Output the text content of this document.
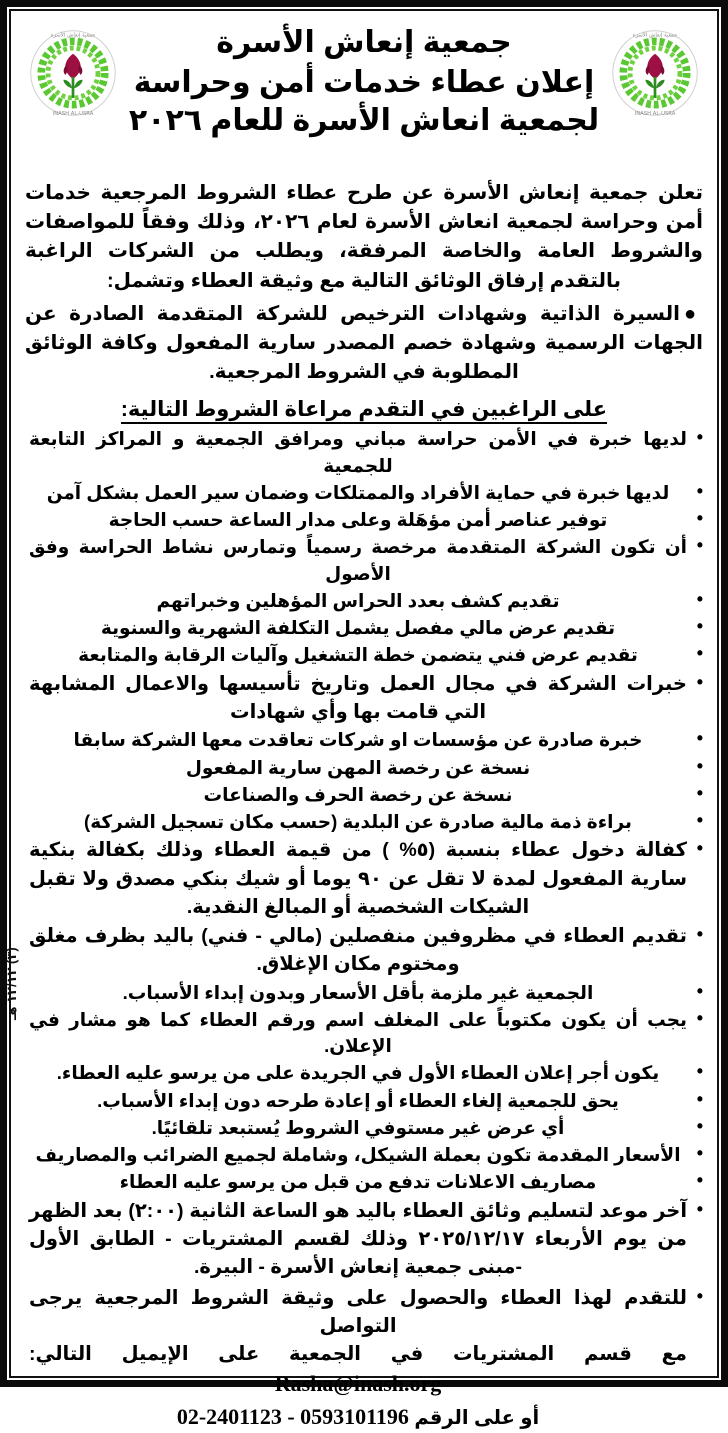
جمعية إنعاش الأسرة
INASH AL-USRA
جمعية إنعاش الأسرة
INASH AL-USRA
جمعية إنعاش الأسرة
إعلان عطاء خدمات أمن وحراسة
لجمعية انعاش الأسرة للعام ٢٠٢٦

تعلن جمعية إنعاش الأسرة عن طرح عطاء الشروط المرجعية خدمات أمن وحراسة لجمعية انعاش الأسرة لعام ٢٠٢٦، وذلك وفقاً للمواصفات والشروط العامة والخاصة المرفقة، ويطلب من الشركات الراغبة بالتقدم إرفاق الوثائق التالية مع وثيقة العطاء وتشمل:

●السيرة الذاتية وشهادات الترخيص للشركة المتقدمة الصادرة عن الجهات الرسمية وشهادة خصم المصدر سارية المفعول وكافة الوثائق المطلوبة في الشروط المرجعية.

على الراغبين في التقدم مراعاة الشروط التالية:
• لديها خبرة في الأمن حراسة مباني ومرافق الجمعية و المراكز التابعة للجمعية
• لديها خبرة في حماية الأفراد والممتلكات وضمان سير العمل بشكل آمن
• توفير عناصر أمن مؤهَلة وعلى مدار الساعة حسب الحاجة
• أن تكون الشركة المتقدمة مرخصة رسمياً وتمارس نشاط الحراسة وفق الأصول
• تقديم كشف بعدد الحراس المؤهلين وخبراتهم
• تقديم عرض مالي مفصل يشمل التكلفة الشهرية والسنوية
• تقديم عرض فني يتضمن خطة التشغيل وآليات الرقابة والمتابعة
• خبرات الشركة في مجال العمل وتاريخ تأسيسها والاعمال المشابهة التي قامت بها وأي شهادات
• خبرة صادرة عن مؤسسات او شركات تعاقدت معها الشركة سابقا
• نسخة عن رخصة المهن سارية المفعول
• نسخة عن رخصة الحرف والصناعات
• براءة ذمة مالية صادرة عن البلدية (حسب مكان تسجيل الشركة)
• كفالة دخول عطاء بنسبة (٥% ) من قيمة العطاء وذلك بكفالة بنكية سارية المفعول لمدة لا تقل عن ٩٠ يوما أو شيك بنكي مصدق ولا تقبل الشيكات الشخصية أو المبالغ النقدية.
• تقديم العطاء في مظروفين منفصلين (مالي - فني) باليد بظرف مغلق ومختوم مكان الإغلاق.
• الجمعية غير ملزمة بأقل الأسعار وبدون إبداء الأسباب.
• يجب أن يكون مكتوباً على المغلف اسم ورقم العطاء كما هو مشار في الإعلان.
• يكون أجر إعلان العطاء الأول في الجريدة على من يرسو عليه العطاء.
• يحق للجمعية إلغاء العطاء أو إعادة طرحه دون إبداء الأسباب.
• أي عرض غير مستوفي الشروط يُستبعد تلقائيًا.
• الأسعار المقدمة تكون بعملة الشيكل، وشاملة لجميع الضرائب والمصاريف
• مصاريف الاعلانات تدفع من قبل من يرسو عليه العطاء
• آخر موعد لتسليم وثائق العطاء باليد هو الساعة الثانية (٢:٠٠) بعد الظهر من يوم الأربعاء ٢٠٢٥/١٢/١٧ وذلك لقسم المشتريات - الطابق الأول -مبنى جمعية إنعاش الأسرة - البيرة.
• للتقدم لهذا العطاء والحصول على وثيقة الشروط المرجعية يرجى التواصل
مع قسم المشتريات في الجمعية على الإيميل التالي: Rasha@inash.org
أو على الرقم 0593101196 - 02-2401123
(٣) ١٢/١٢ هـ
